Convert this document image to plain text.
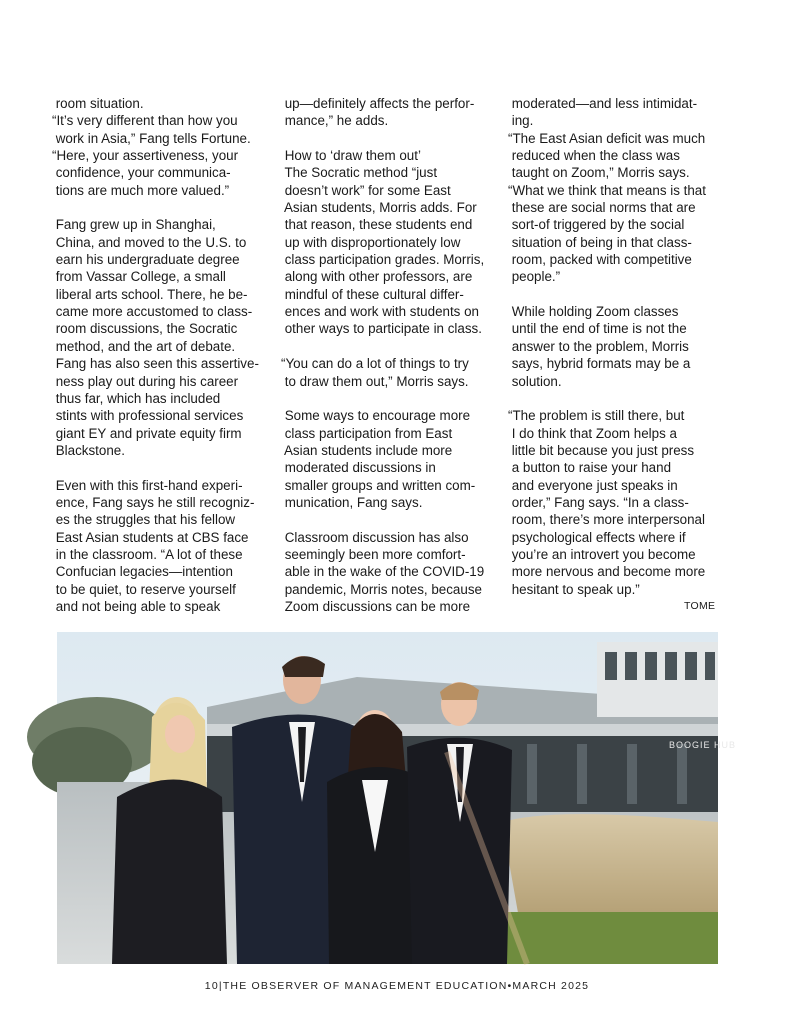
room situation.

“It’s very different than how you

work in Asia,” Fang tells Fortune.

“Here, your assertiveness, your

confidence, your communica-

tions are much more valued.”

Fang grew up in Shanghai,

China, and moved to the U.S. to

earn his undergraduate degree

from Vassar College, a small

liberal arts school. There, he be-

came more accustomed to class-

room discussions, the Socratic

method, and the art of debate.

Fang has also seen this assertive-

ness play out during his career

thus far, which has included

stints with professional services

giant EY and private equity firm

Blackstone.

Even with this first-hand experi-

ence, Fang says he still recogniz-

es the struggles that his fellow

East Asian students at CBS face

in the classroom. “A lot of these

Confucian legacies—intention

to be quiet, to reserve yourself

and not being able to speak

up—definitely affects the perfor-

mance,” he adds.

How to ‘draw them out’

The Socratic method “just

doesn’t work” for some East

Asian students, Morris adds. For

that reason, these students end

up with disproportionately low

class participation grades. Morris,

along with other professors, are

mindful of these cultural differ-

ences and work with students on

other ways to participate in class.

“You can do a lot of things to try

to draw them out,” Morris says.

Some ways to encourage more

class participation from East

Asian students include more

moderated discussions in

smaller groups and written com-

munication, Fang says.

Classroom discussion has also

seemingly been more comfort-

able in the wake of the COVID-19

pandemic, Morris notes, because

Zoom discussions can be more

moderated—and less intimidat-

ing.

“The East Asian deficit was much

reduced when the class was

taught on Zoom,” Morris says.

“What we think that means is that

these are social norms that are

sort-of triggered by the social

situation of being in that class-

room, packed with competitive

people.”

While holding Zoom classes

until the end of time is not the

answer to the problem, Morris

says, hybrid formats may be a

solution.

“The problem is still there, but

I do think that Zoom helps a

little bit because you just press

a button to raise your hand

and everyone just speaks in

order,” Fang says. “In a class-

room, there’s more interpersonal

psychological effects where if

you’re an introvert you become

more nervous and become more

hesitant to speak up.”

TOME
BOOGIE HUB
10|THE OBSERVER OF MANAGEMENT EDUCATION•MARCH 2025
